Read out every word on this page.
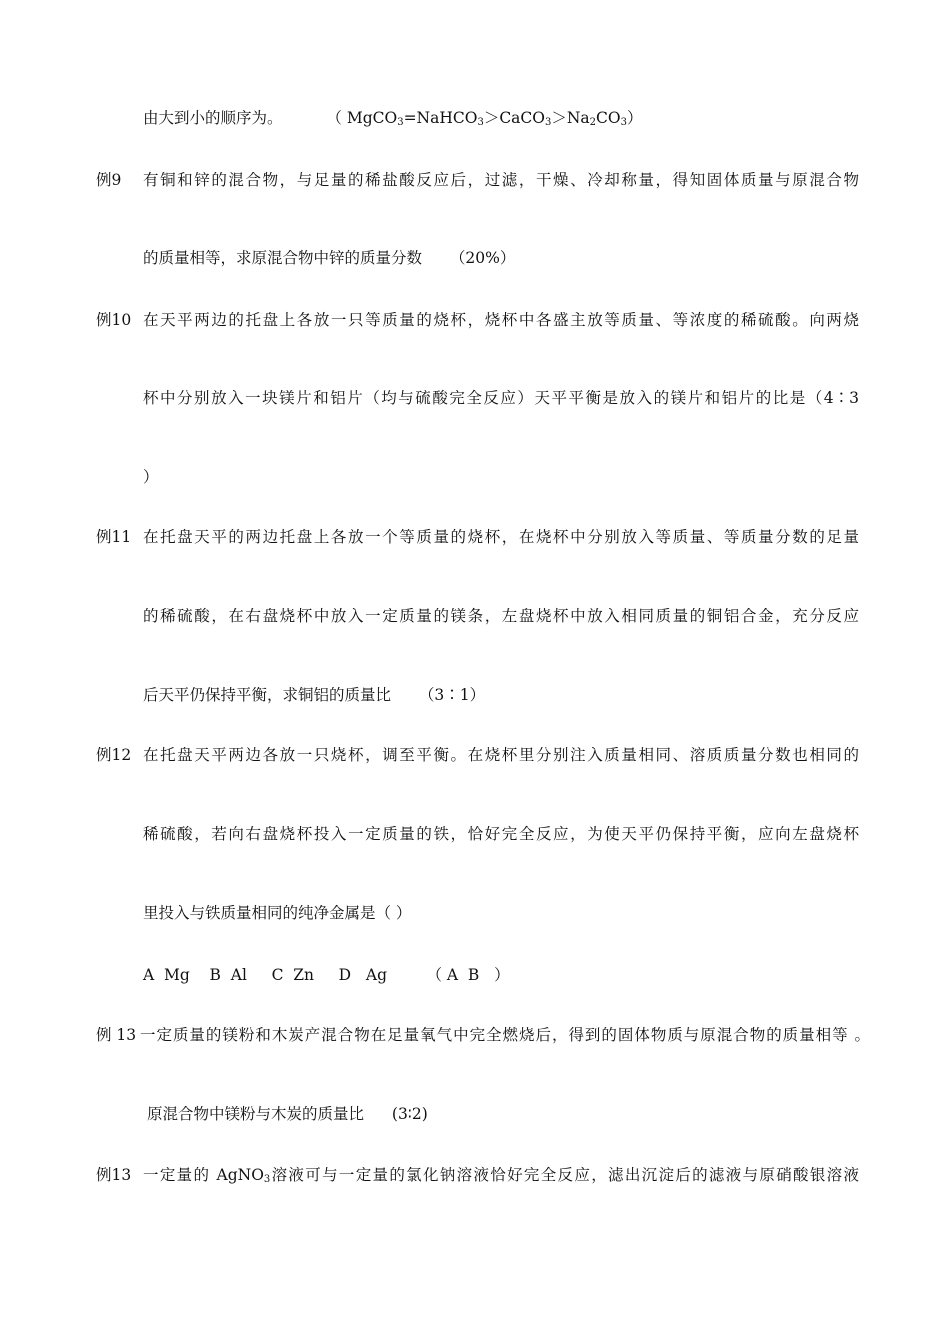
由大到小的顺序为。	（ $MgCO_3=NaHCO_3>CaCO_3>Na_2CO_3$）
例9 有铜和锌的混合物，与足量的稀盐酸反应后，过滤，干燥、冷却称量，得知固体质量与原混合物
的质量相等，求原混合物中锌的质量分数 （20%）
例10 在天平两边的托盘上各放一只等质量的烧杯，烧杯中各盛主放等质量、等浓度的稀硫酸。向两烧
杯中分别放入一块镁片和铝片（均与硫酸完全反应）天平平衡是放入的镁片和铝片的比是（4∶3
）
例11 在托盘天平的两边托盘上各放一个等质量的烧杯，在烧杯中分别放入等质量、等质量分数的足量
的稀硫酸，在右盘烧杯中放入一定质量的镁条，左盘烧杯中放入相同质量的铜铝合金，充分反应
后天平仍保持平衡，求铜铝的质量比 （3∶1）
例12 在托盘天平两边各放一只烧杯，调至平衡。在烧杯里分别注入质量相同、溶质质量分数也相同的
稀硫酸，若向右盘烧杯投入一定质量的铁，恰好完全反应，为使天平仍保持平衡，应向左盘烧杯
里投入与铁质量相同的纯净金属是（ ）
A  Mg    B  Al     C  Zn     D   Ag	（ A  B   ）
例 13 一定质量的镁粉和木炭产混合物在足量氧气中完全燃烧后，得到的固体物质与原混合物的质量相等 。
原混合物中镁粉与木炭的质量比 (3∶2)
例13 一定量的 AgNO$_3$溶液可与一定量的氯化钠溶液恰好完全反应，滤出沉淀后的滤液与原硝酸银溶液
